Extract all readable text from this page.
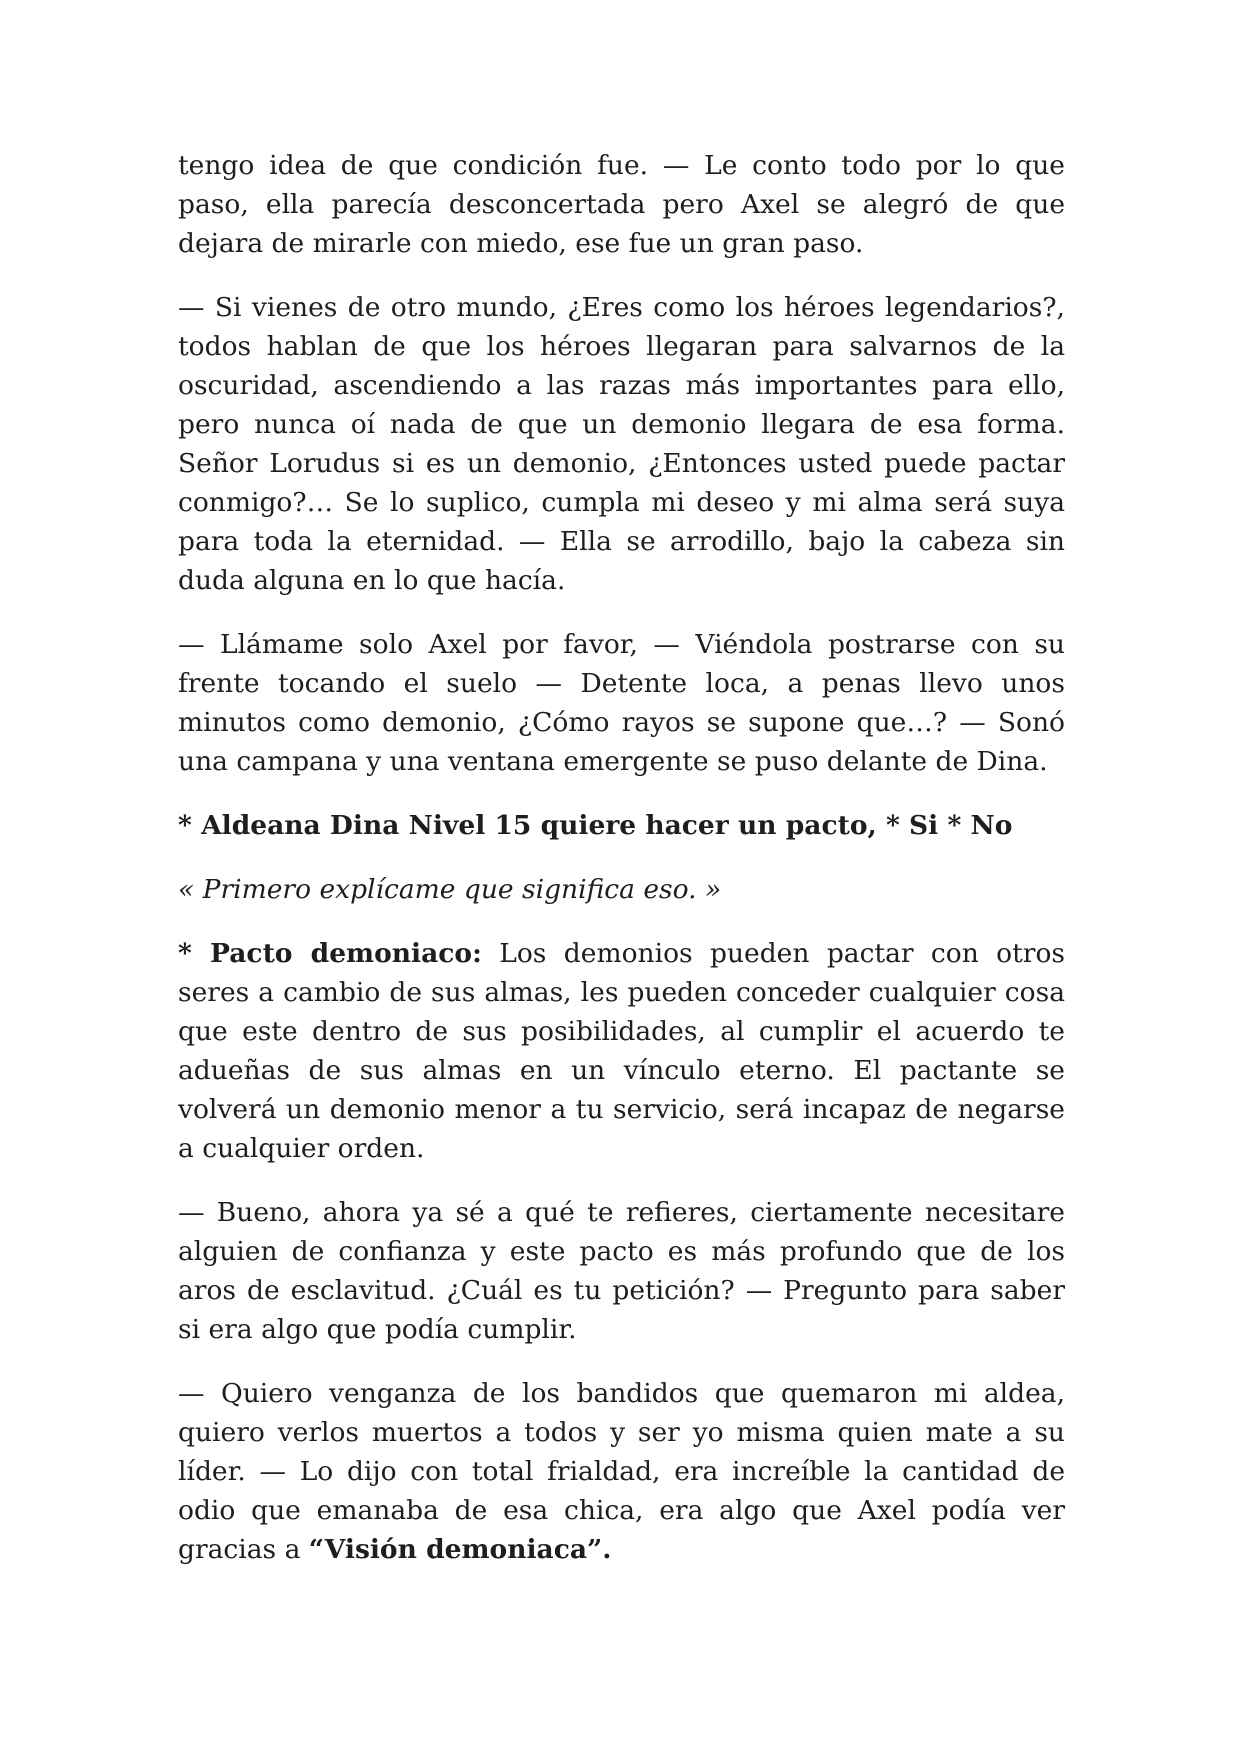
tengo idea de que condición fue. — Le conto todo por lo que paso, ella parecía desconcertada pero Axel se alegró de que dejara de mirarle con miedo, ese fue un gran paso.

— Si vienes de otro mundo, ¿Eres como los héroes legendarios?, todos hablan de que los héroes llegaran para salvarnos de la oscuridad, ascendiendo a las razas más importantes para ello, pero nunca oí nada de que un demonio llegara de esa forma. Señor Lorudus si es un demonio, ¿Entonces usted puede pactar conmigo?… Se lo suplico, cumpla mi deseo y mi alma será suya para toda la eternidad. — Ella se arrodillo, bajo la cabeza sin duda alguna en lo que hacía.

— Llámame solo Axel por favor, — Viéndola postrarse con su frente tocando el suelo — Detente loca, a penas llevo unos minutos como demonio, ¿Cómo rayos se supone que…? — Sonó una campana y una ventana emergente se puso delante de Dina.

* Aldeana Dina Nivel 15 quiere hacer un pacto, * Si * No

« Primero explícame que significa eso. »

* Pacto demoniaco: Los demonios pueden pactar con otros seres a cambio de sus almas, les pueden conceder cualquier cosa que este dentro de sus posibilidades, al cumplir el acuerdo te adueñas de sus almas en un vínculo eterno. El pactante se volverá un demonio menor a tu servicio, será incapaz de negarse a cualquier orden.

— Bueno, ahora ya sé a qué te refieres, ciertamente necesitare alguien de confianza y este pacto es más profundo que de los aros de esclavitud. ¿Cuál es tu petición? — Pregunto para saber si era algo que podía cumplir.

— Quiero venganza de los bandidos que quemaron mi aldea, quiero verlos muertos a todos y ser yo misma quien mate a su líder. — Lo dijo con total frialdad, era increíble la cantidad de odio que emanaba de esa chica, era algo que Axel podía ver gracias a “Visión demoniaca”.
